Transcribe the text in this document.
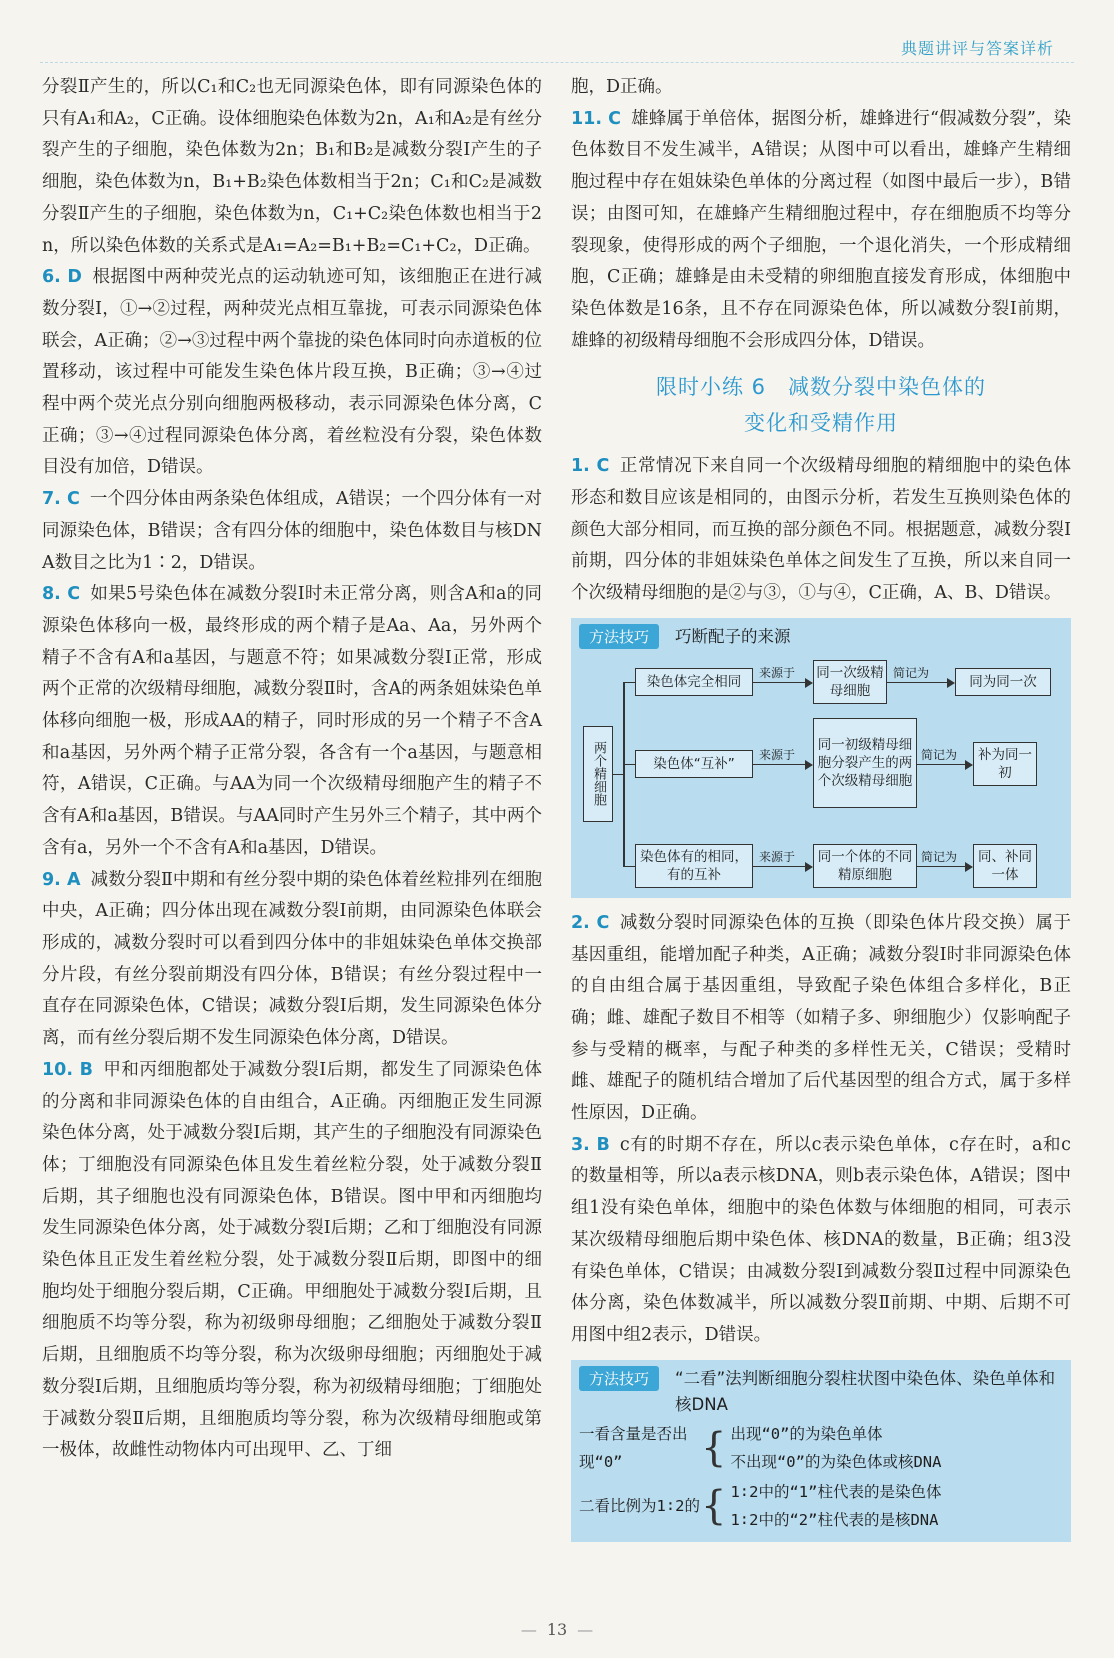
典题讲评与答案详析

分裂Ⅱ产生的，所以C₁和C₂也无同源染色体，即有同源染色体的只有A₁和A₂，C正确。设体细胞染色体数为2n，A₁和A₂是有丝分裂产生的子细胞，染色体数为2n；B₁和B₂是减数分裂Ⅰ产生的子细胞，染色体数为n，B₁+B₂染色体数相当于2n；C₁和C₂是减数分裂Ⅱ产生的子细胞，染色体数为n，C₁+C₂染色体数也相当于2n，所以染色体数的关系式是A₁=A₂=B₁+B₂=C₁+C₂，D正确。

6. D 根据图中两种荧光点的运动轨迹可知，该细胞正在进行减数分裂Ⅰ，①→②过程，两种荧光点相互靠拢，可表示同源染色体联会，A正确；②→③过程中两个靠拢的染色体同时向赤道板的位置移动，该过程中可能发生染色体片段互换，B正确；③→④过程中两个荧光点分别向细胞两极移动，表示同源染色体分离，C正确；③→④过程同源染色体分离，着丝粒没有分裂，染色体数目没有加倍，D错误。

7. C 一个四分体由两条染色体组成，A错误；一个四分体有一对同源染色体，B错误；含有四分体的细胞中，染色体数目与核DNA数目之比为1∶2，D错误。

8. C 如果5号染色体在减数分裂Ⅰ时未正常分离，则含A和a的同源染色体移向一极，最终形成的两个精子是Aa、Aa，另外两个精子不含有A和a基因，与题意不符；如果减数分裂Ⅰ正常，形成两个正常的次级精母细胞，减数分裂Ⅱ时，含A的两条姐妹染色单体移向细胞一极，形成AA的精子，同时形成的另一个精子不含A和a基因，另外两个精子正常分裂，各含有一个a基因，与题意相符，A错误，C正确。与AA为同一个次级精母细胞产生的精子不含有A和a基因，B错误。与AA同时产生另外三个精子，其中两个含有a，另外一个不含有A和a基因，D错误。

9. A 减数分裂Ⅱ中期和有丝分裂中期的染色体着丝粒排列在细胞中央，A正确；四分体出现在减数分裂Ⅰ前期，由同源染色体联会形成的，减数分裂时可以看到四分体中的非姐妹染色单体交换部分片段，有丝分裂前期没有四分体，B错误；有丝分裂过程中一直存在同源染色体，C错误；减数分裂Ⅰ后期，发生同源染色体分离，而有丝分裂后期不发生同源染色体分离，D错误。

10. B 甲和丙细胞都处于减数分裂Ⅰ后期，都发生了同源染色体的分离和非同源染色体的自由组合，A正确。丙细胞正发生同源染色体分离，处于减数分裂Ⅰ后期，其产生的子细胞没有同源染色体；丁细胞没有同源染色体且发生着丝粒分裂，处于减数分裂Ⅱ后期，其子细胞也没有同源染色体，B错误。图中甲和丙细胞均发生同源染色体分离，处于减数分裂Ⅰ后期；乙和丁细胞没有同源染色体且正发生着丝粒分裂，处于减数分裂Ⅱ后期，即图中的细胞均处于细胞分裂后期，C正确。甲细胞处于减数分裂Ⅰ后期，且细胞质不均等分裂，称为初级卵母细胞；乙细胞处于减数分裂Ⅱ后期，且细胞质不均等分裂，称为次级卵母细胞；丙细胞处于减数分裂Ⅰ后期，且细胞质均等分裂，称为初级精母细胞；丁细胞处于减数分裂Ⅱ后期，且细胞质均等分裂，称为次级精母细胞或第一极体，故雌性动物体内可出现甲、乙、丁细

胞，D正确。

11. C 雄蜂属于单倍体，据图分析，雄蜂进行“假减数分裂”，染色体数目不发生减半，A错误；从图中可以看出，雄蜂产生精细胞过程中存在姐妹染色单体的分离过程（如图中最后一步），B错误；由图可知，在雄蜂产生精细胞过程中，存在细胞质不均等分裂现象，使得形成的两个子细胞，一个退化消失，一个形成精细胞，C正确；雄蜂是由未受精的卵细胞直接发育形成，体细胞中染色体数是16条，且不存在同源染色体，所以减数分裂Ⅰ前期，雄蜂的初级精母细胞不会形成四分体，D错误。

限时小练 6　减数分裂中染色体的
变化和受精作用

1. C 正常情况下来自同一个次级精母细胞的精细胞中的染色体形态和数目应该是相同的，由图示分析，若发生互换则染色体的颜色大部分相同，而互换的部分颜色不同。根据题意，减数分裂Ⅰ前期，四分体的非姐妹染色单体之间发生了互换，所以来自同一个次级精母细胞的是②与③，①与④，C正确，A、B、D错误。

方法技巧	巧断配子的来源
两个精细胞
染色体完全相同
来源于 同一次级精母细胞
简记为
同为同一次
染色体“互补”
来源于
同一初级精母细胞分裂产生的两个次级精母细胞
简记为	补为同一初
染色体有的相同，有的互补
来源于	同一个体的不同精原细胞
简记为	同、补同一体

2. C 减数分裂时同源染色体的互换（即染色体片段交换）属于基因重组，能增加配子种类，A正确；减数分裂Ⅰ时非同源染色体的自由组合属于基因重组，导致配子染色体组合多样化，B正确；雌、雄配子数目不相等（如精子多、卵细胞少）仅影响配子参与受精的概率，与配子种类的多样性无关，C错误；受精时雌、雄配子的随机结合增加了后代基因型的组合方式，属于多样性原因，D正确。

3. B c有的时期不存在，所以c表示染色单体，c存在时，a和c的数量相等，所以a表示核DNA，则b表示染色体，A错误；图中组1没有染色单体，细胞中的染色体数与体细胞的相同，可表示某次级精母细胞后期中染色体、核DNA的数量，B正确；组3没有染色单体，C错误；由减数分裂Ⅰ到减数分裂Ⅱ过程中同源染色体分离，染色体数减半，所以减数分裂Ⅱ前期、中期、后期不可用图中组2表示，D错误。

方法技巧	“二看”法判断细胞分裂柱状图中染色体、染色单体和核DNA
一看含量是否出现“0”	{ 出现“0”的为染色单体
不出现“0”的为染色体或核DNA
二看比例为1∶2的 { 1∶2中的“1”柱代表的是染色体
1∶2中的“2”柱代表的是核DNA
— 13 —
